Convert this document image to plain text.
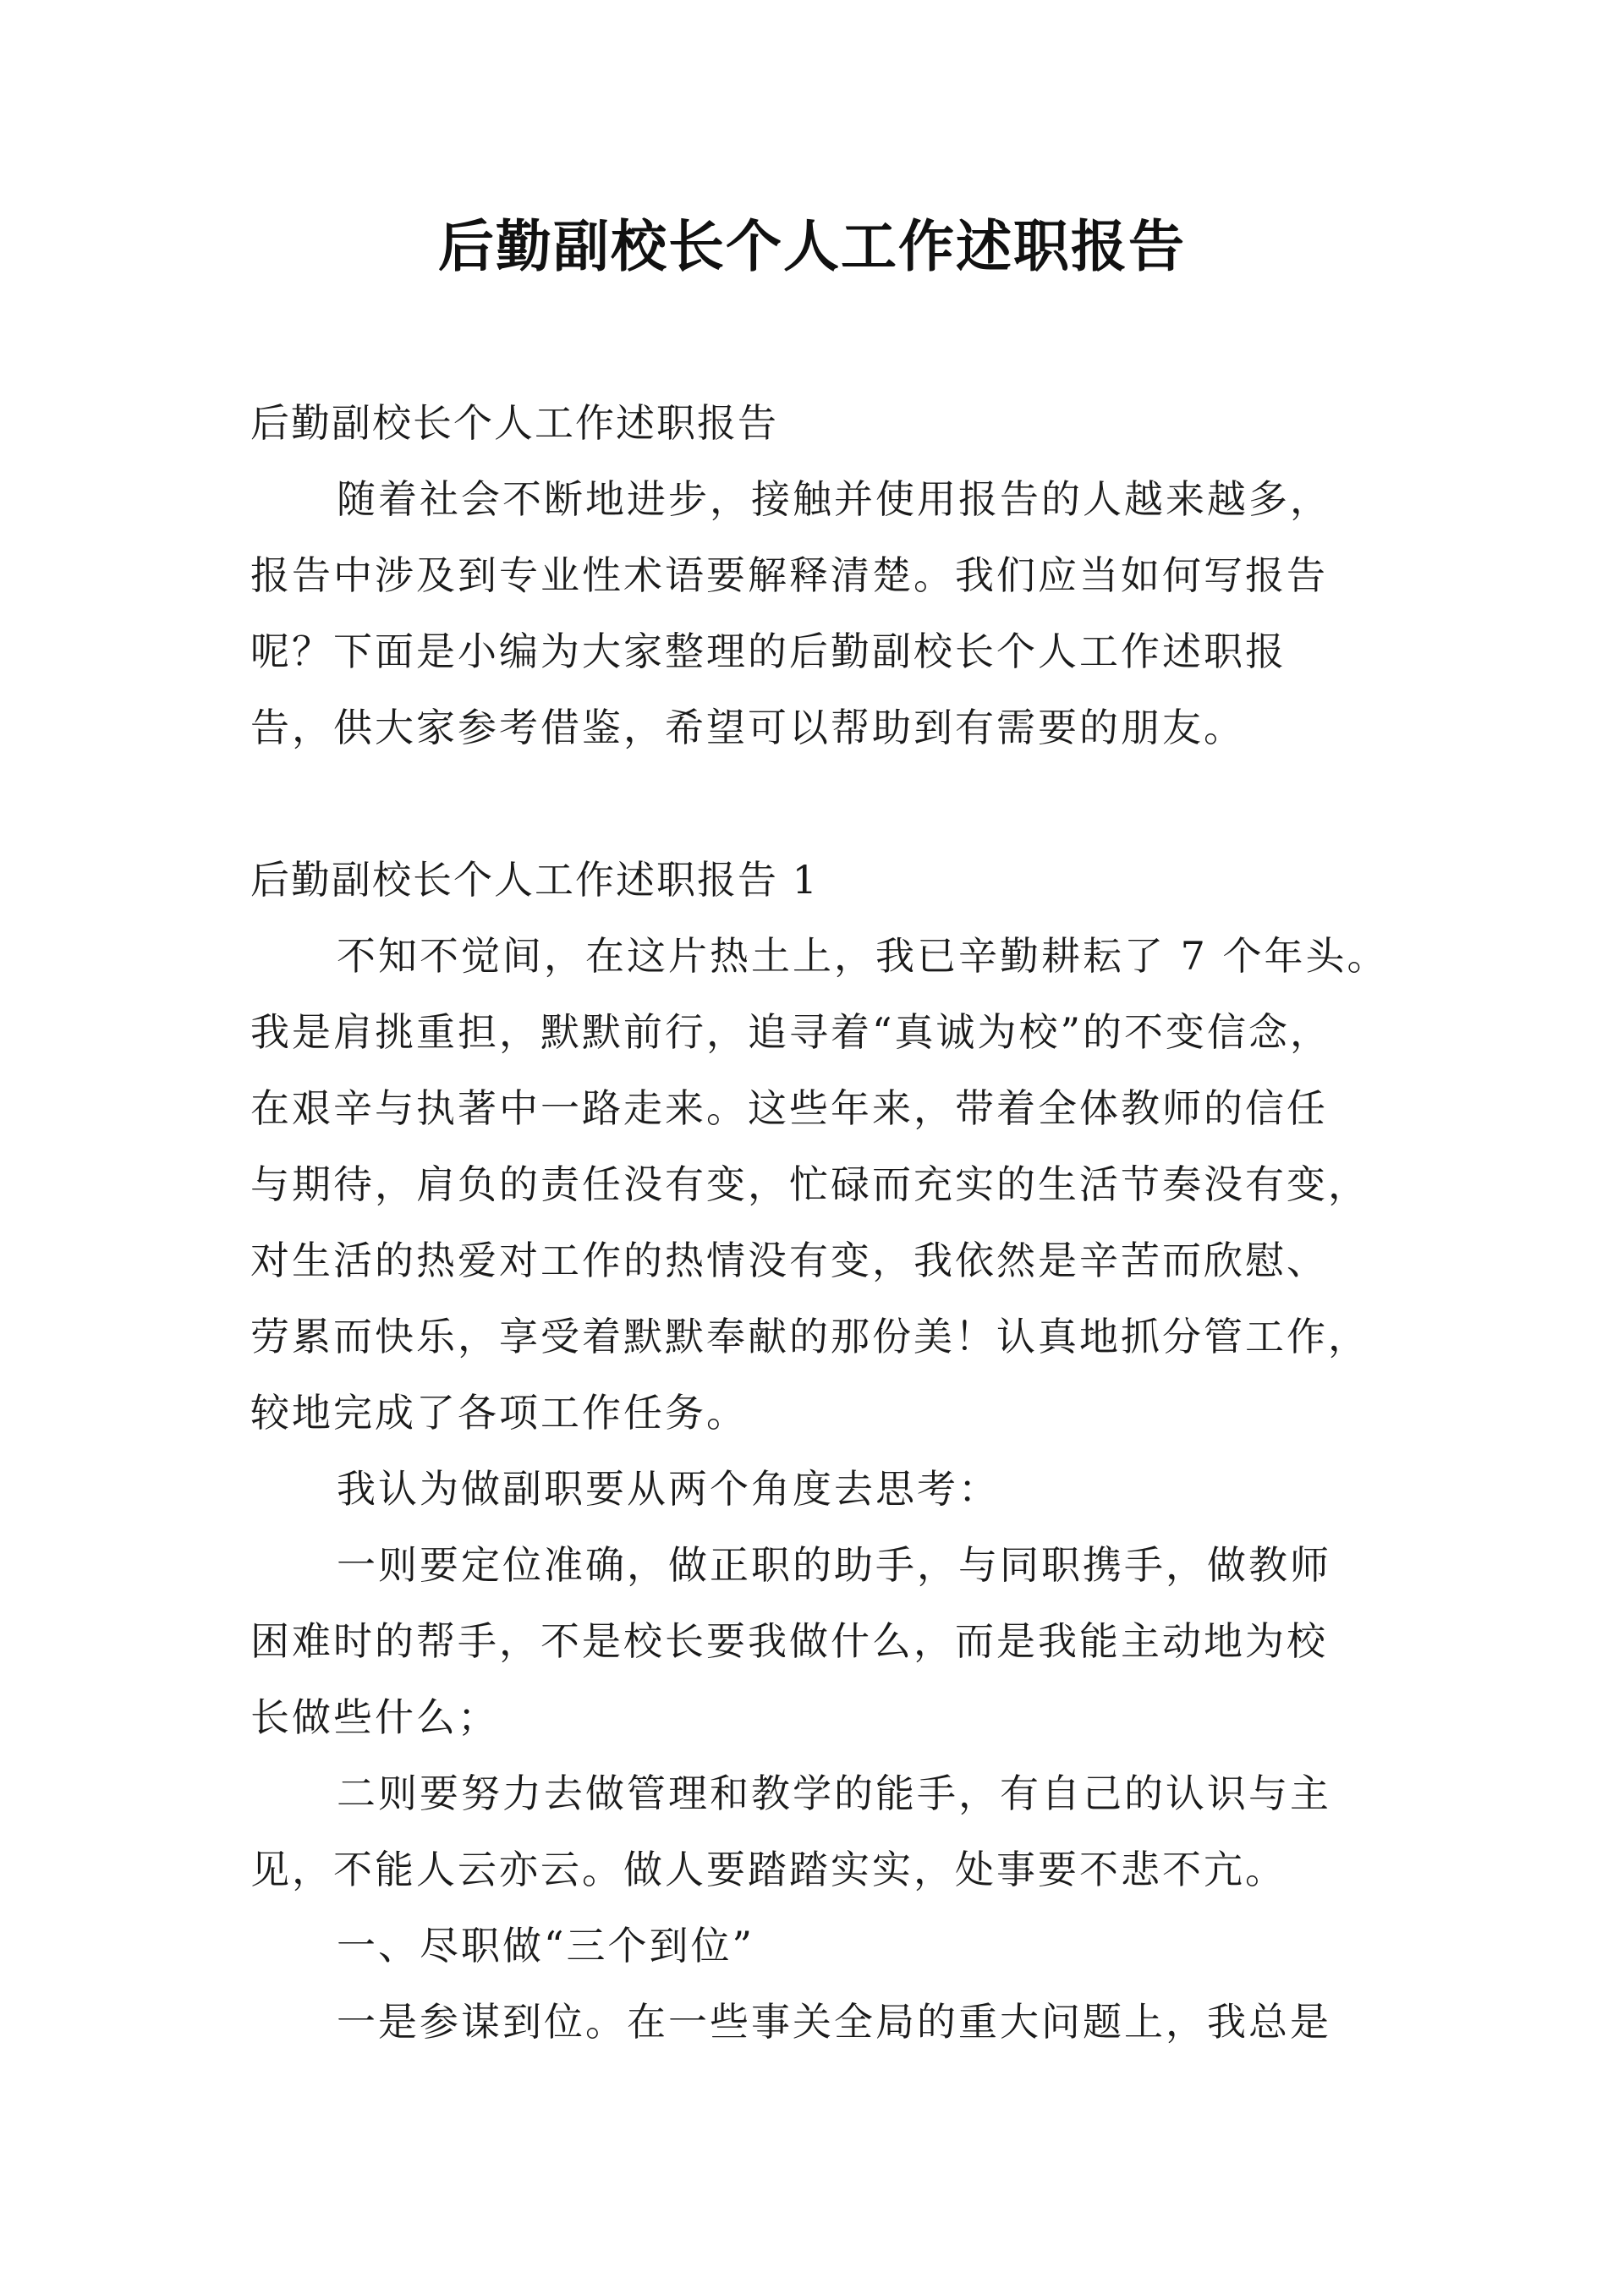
后勤副校长个人工作述职报告

后勤副校长个人工作述职报告

随着社会不断地进步，接触并使用报告的人越来越多，

报告中涉及到专业性术语要解释清楚。我们应当如何写报告

呢？下面是小编为大家整理的后勤副校长个人工作述职报

告，供大家参考借鉴，希望可以帮助到有需要的朋友。

后勤副校长个人工作述职报告 1

不知不觉间，在这片热土上，我已辛勤耕耘了 7 个年头。

我是肩挑重担，默默前行，追寻着“真诚为校”的不变信念，

在艰辛与执著中一路走来。这些年来，带着全体教师的信任

与期待，肩负的责任没有变，忙碌而充实的生活节奏没有变，

对生活的热爱对工作的热情没有变，我依然是辛苦而欣慰、

劳累而快乐，享受着默默奉献的那份美！认真地抓分管工作，

较地完成了各项工作任务。

我认为做副职要从两个角度去思考：

一则要定位准确，做正职的助手，与同职携手，做教师

困难时的帮手，不是校长要我做什么，而是我能主动地为校

长做些什么；

二则要努力去做管理和教学的能手，有自己的认识与主

见，不能人云亦云。做人要踏踏实实，处事要不悲不亢。

一、尽职做“三个到位”

一是参谋到位。在一些事关全局的重大问题上，我总是
